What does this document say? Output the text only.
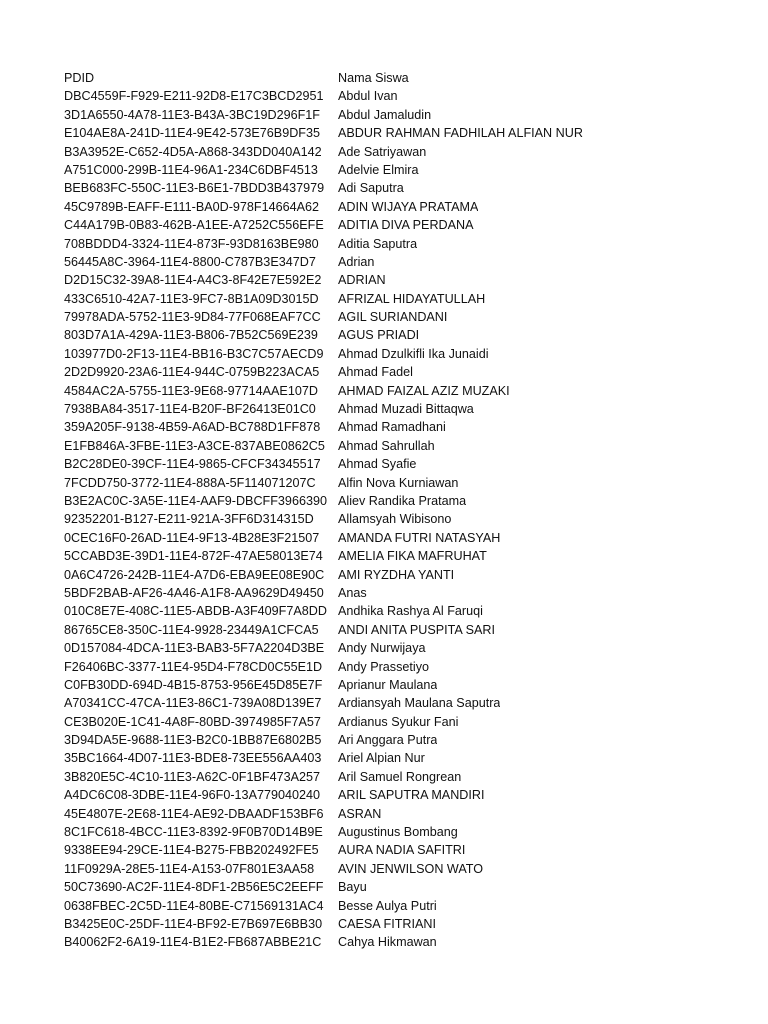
PDID	Nama Siswa
DBC4559F-F929-E211-92D8-E17C3BCD2951	Abdul Ivan
3D1A6550-4A78-11E3-B43A-3BC19D296F1F	Abdul Jamaludin
E104AE8A-241D-11E4-9E42-573E76B9DF35	ABDUR RAHMAN FADHILAH ALFIAN NUR
B3A3952E-C652-4D5A-A868-343DD040A142	Ade Satriyawan
A751C000-299B-11E4-96A1-234C6DBF4513	Adelvie Elmira
BEB683FC-550C-11E3-B6E1-7BDD3B437979	Adi Saputra
45C9789B-EAFF-E111-BA0D-978F14664A62	ADIN WIJAYA PRATAMA
C44A179B-0B83-462B-A1EE-A7252C556EFE	ADITIA DIVA PERDANA
708BDDD4-3324-11E4-873F-93D8163BE980	Aditia Saputra
56445A8C-3964-11E4-8800-C787B3E347D7	Adrian
D2D15C32-39A8-11E4-A4C3-8F42E7E592E2	ADRIAN
433C6510-42A7-11E3-9FC7-8B1A09D3015D	AFRIZAL HIDAYATULLAH
79978ADA-5752-11E3-9D84-77F068EAF7CC	AGIL SURIANDANI
803D7A1A-429A-11E3-B806-7B52C569E239	AGUS PRIADI
103977D0-2F13-11E4-BB16-B3C7C57AECD9	Ahmad Dzulkifli Ika Junaidi
2D2D9920-23A6-11E4-944C-0759B223ACA5	Ahmad Fadel
4584AC2A-5755-11E3-9E68-97714AAE107D	AHMAD FAIZAL AZIZ MUZAKI
7938BA84-3517-11E4-B20F-BF26413E01C0	Ahmad Muzadi Bittaqwa
359A205F-9138-4B59-A6AD-BC788D1FF878	Ahmad Ramadhani
E1FB846A-3FBE-11E3-A3CE-837ABE0862C5	Ahmad Sahrullah
B2C28DE0-39CF-11E4-9865-CFCF34345517	Ahmad Syafie
7FCDD750-3772-11E4-888A-5F114071207C	Alfin Nova Kurniawan
B3E2AC0C-3A5E-11E4-AAF9-DBCFF3966390 Aliev Randika Pratama
92352201-B127-E211-921A-3FF6D314315D	Allamsyah Wibisono
0CEC16F0-26AD-11E4-9F13-4B28E3F21507	AMANDA FUTRI NATASYAH
5CCABD3E-39D1-11E4-872F-47AE58013E74	AMELIA FIKA MAFRUHAT
0A6C4726-242B-11E4-A7D6-EBA9EE08E90C	AMI RYZDHA YANTI
5BDF2BAB-AF26-4A46-A1F8-AA9629D49450	Anas
010C8E7E-408C-11E5-ABDB-A3F409F7A8DD Andhika Rashya Al Faruqi
86765CE8-350C-11E4-9928-23449A1CFCA5	ANDI ANITA PUSPITA SARI
0D157084-4DCA-11E3-BAB3-5F7A2204D3BE	Andy Nurwijaya
F26406BC-3377-11E4-95D4-F78CD0C55E1D	Andy Prassetiyo
C0FB30DD-694D-4B15-8753-956E45D85E7F	Aprianur Maulana
A70341CC-47CA-11E3-86C1-739A08D139E7	Ardiansyah Maulana Saputra
CE3B020E-1C41-4A8F-80BD-3974985F7A57	Ardianus Syukur Fani
3D94DA5E-9688-11E3-B2C0-1BB87E6802B5	Ari Anggara Putra
35BC1664-4D07-11E3-BDE8-73EE556AA403	Ariel Alpian Nur
3B820E5C-4C10-11E3-A62C-0F1BF473A257	Aril Samuel Rongrean
A4DC6C08-3DBE-11E4-96F0-13A779040240	ARIL SAPUTRA MANDIRI
45E4807E-2E68-11E4-AE92-DBAADF153BF6	ASRAN
8C1FC618-4BCC-11E3-8392-9F0B70D14B9E	Augustinus Bombang
9338EE94-29CE-11E4-B275-FBB202492FE5	AURA NADIA SAFITRI
11F0929A-28E5-11E4-A153-07F801E3AA58	AVIN JENWILSON WATO
50C73690-AC2F-11E4-8DF1-2B56E5C2EEFF	Bayu
0638FBEC-2C5D-11E4-80BE-C71569131AC4	Besse Aulya Putri
B3425E0C-25DF-11E4-BF92-E7B697E6BB30	CAESA FITRIANI
B40062F2-6A19-11E4-B1E2-FB687ABBE21C	Cahya Hikmawan
